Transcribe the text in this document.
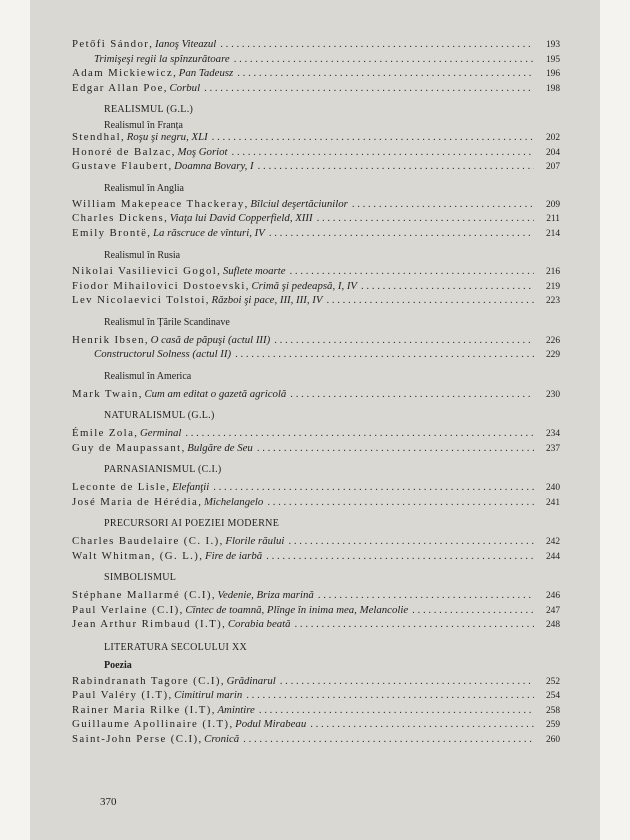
Petőfi Sándor , Ianoş Viteazul . . .	193
Trimişeşi regii la spînzurătoare . . .	195
Adam Mickiewicz , Pan Tadeusz . . .	196
Edgar Allan Poe , Corbul . . .	198
REALISMUL (G.L.)
Realismul în Franța
Stendhal , Roşu şi negru, XLI . . .	202
Honoré de Balzac , Moş Goriot . . .	204
Gustave Flaubert , Doamna Bovary, I . . .	207
Realismul în Anglia
William Makepeace Thackeray , Bîlciul deşertăciunilor . . .	209
Charles Dickens , Viaţa lui David Copperfield, XIII . . .	211
Emily Brontë , La răscruce de vînturi, IV . . .	214
Realismul în Rusia
Nikolai Vasilievici Gogol , Suflete moarte . . .	216
Fiodor Mihailovici Dostoevski , Crimă şi pedeapsă, I, IV . . .	219
Lev Nicolaevici Tolstoi , Război şi pace, III, III, IV . . .	223
Realismul în Țările Scandinave
Henrik Ibsen , O casă de păpuşi (actul III) . . .	226
Constructorul Solness (actul II) . . .	229
Realismul în America
Mark Twain , Cum am editat o gazetă agricolă . . .	230
NATURALISMUL (G.L.)
Émile Zola , Germinal . . .	234
Guy de Maupassant , Bulgăre de Seu . . .	237
PARNASIANISMUL (C.I.)
Leconte de Lisle , Elefanţii . . .	240
José Maria de Hérédia , Michelangelo . . .	241
PRECURSORI AI POEZIEI MODERNE
Charles Baudelaire (C. I.) , Florile răului . . .	242
Walt Whitman, (G. L.) , Fire de iarbă . . .	244
SIMBOLISMUL
Stéphane Mallarmé (C.I) , Vedenie, Briza marină . . .	246
Paul Verlaine (C.I) , Cîntec de toamnă, Plînge în inima mea, Melancolie . . .	247
Jean Arthur Rimbaud (I.T) , Corabia beată . . .	248
LITERATURA SECOLULUI XX
Poezia
Rabindranath Tagore (C.I) , Grădinarul . . .	252
Paul Valéry (I.T) , Cimitirul marin . . .	254
Rainer Maria Rilke (I.T) , Amintire . . .	258
Guillaume Apollinaire (I.T) , Podul Mirabeau . . .	259
Saint-John Perse (C.I) , Cronică . . .	260
370
